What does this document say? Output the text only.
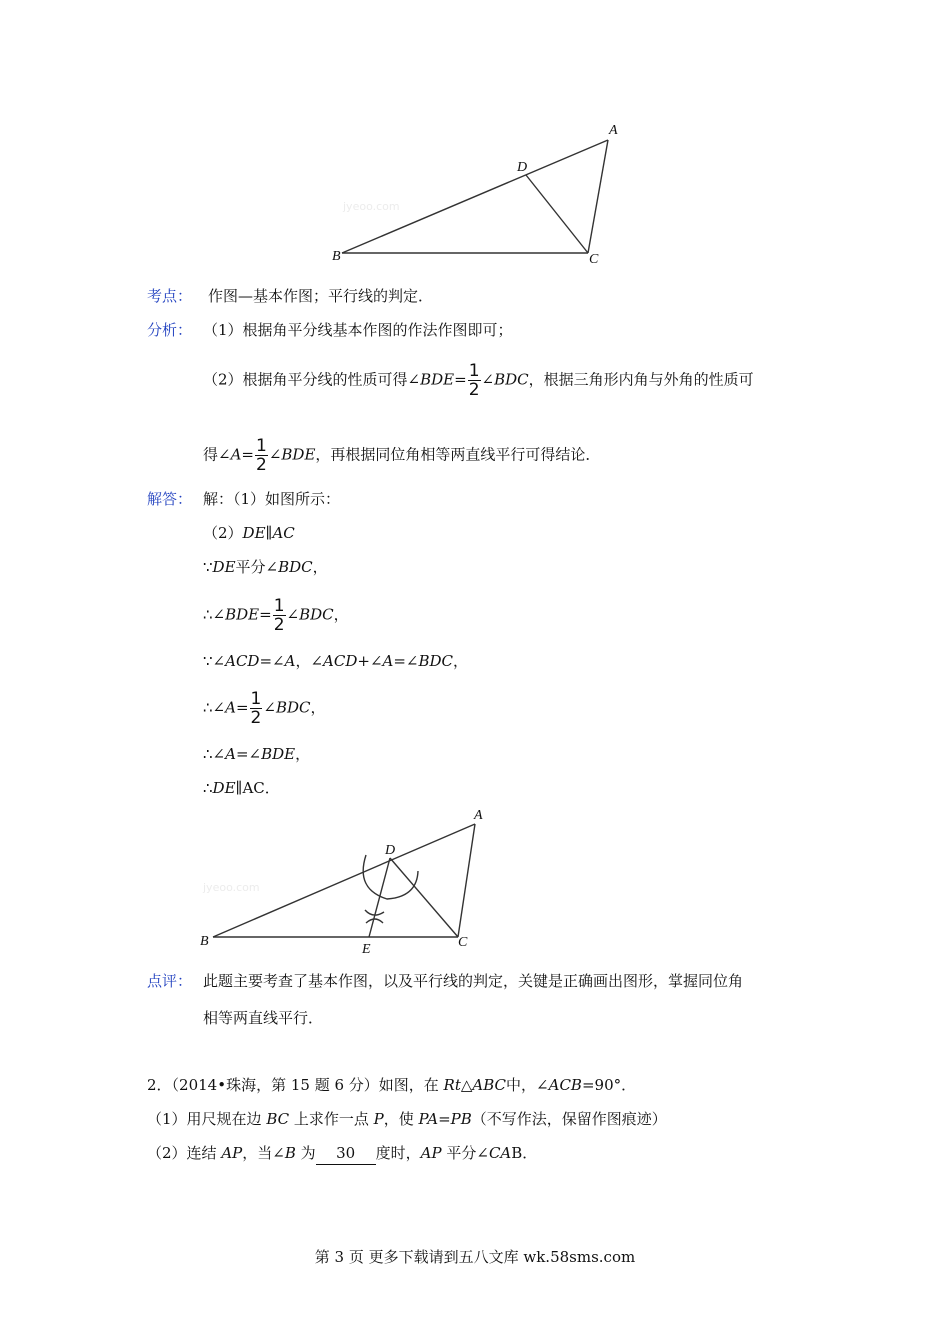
jyeoo.com
A
D
B	C
考点： 作图—基本作图；平行线的判定．
分析： （1）根据角平分线基本作图的作法作图即可；
（2）根据角平分线的性质可得∠BDE= $\frac{1}{2}$ ∠BDC，根据三角形内角与外角的性质可
得∠A= $\frac{1}{2}$ ∠BDE，再根据同位角相等两直线平行可得结论．
解答： 解：（1）如图所示：
（2）DE∥AC
∵DE平分∠BDC，
∴∠BDE= $\frac{1}{2}$ ∠BDC，
∵∠ACD=∠A，∠ACD+∠A=∠BDC，
∴∠A= $\frac{1}{2}$ ∠BDC，
∴∠A=∠BDE，
∴DE∥AC．
jyeoo.com
A
D
B
E	C
点评： 此题主要考查了基本作图，以及平行线的判定，关键是正确画出图形，掌握同位角
相等两直线平行．
2．（2014•珠海，第 15 题 6 分）如图，在 Rt△ABC中，∠ACB=90°．
（1）用尺规在边 BC 上求作一点 P，使 PA=PB（不写作法，保留作图痕迹）
（2）连结 AP，当∠B 为 30 度时，AP 平分∠CAB．
第 3 页 更多下载请到五八文库 wk.58sms.com
